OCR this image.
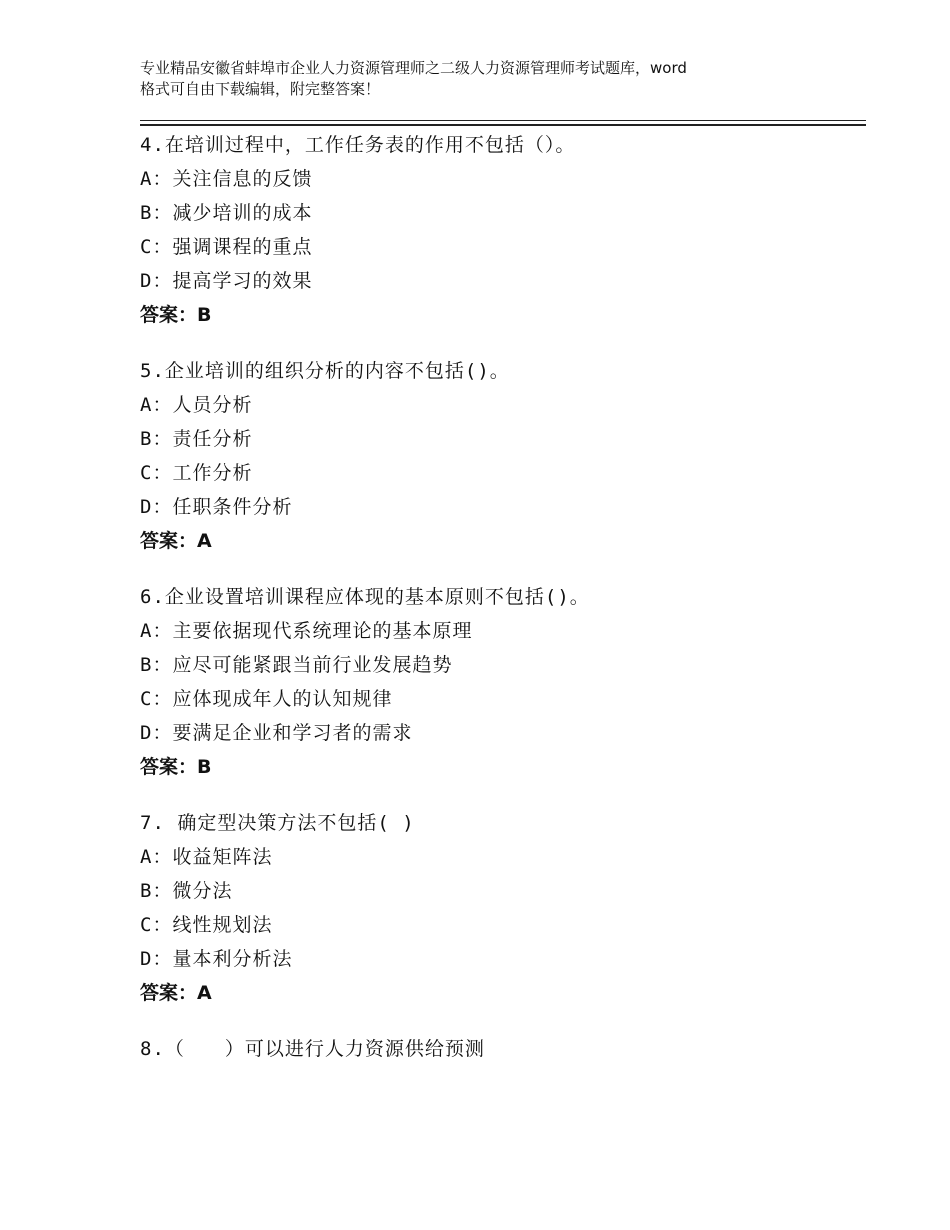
专业精品安徽省蚌埠市企业人力资源管理师之二级人力资源管理师考试题库，word
格式可自由下载编辑，附完整答案！
4.在培训过程中，工作任务表的作用不包括（）。
A：关注信息的反馈
B：减少培训的成本
C：强调课程的重点
D：提高学习的效果
答案：B
5.企业培训的组织分析的内容不包括()。
A：人员分析
B：责任分析
C：工作分析
D：任职条件分析
答案：A
6.企业设置培训课程应体现的基本原则不包括()。
A：主要依据现代系统理论的基本原理
B：应尽可能紧跟当前行业发展趋势
C：应体现成年人的认知规律
D：要满足企业和学习者的需求
答案：B
7. 确定型决策方法不包括( )
A：收益矩阵法
B：微分法
C：线性规划法
D：量本利分析法
答案：A
8.（　　）可以进行人力资源供给预测
